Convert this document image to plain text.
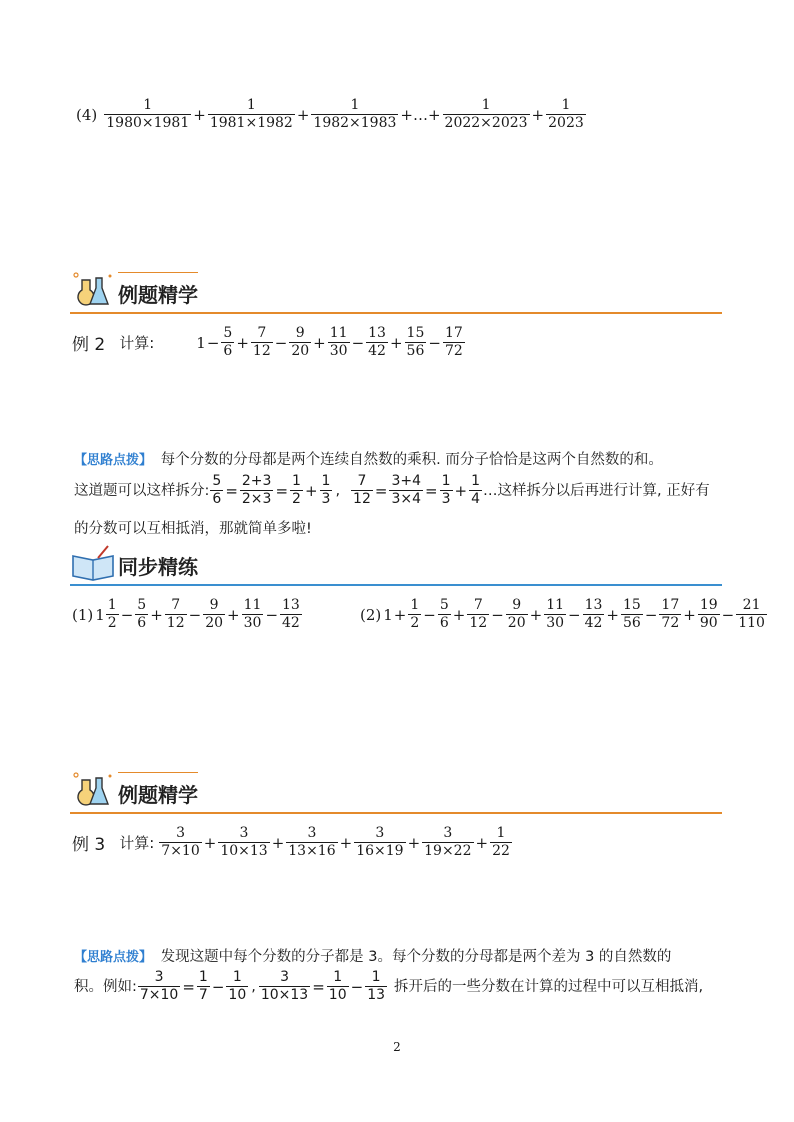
$(4) \frac{1}{1980\times 1981} + \frac{1}{1981\times 1982} + \frac{1}{1982\times 1983}$ +…+ $\frac{1}{2022\times 2023} + \frac{1}{2023}$
例题精学
例 2 计算:	$1 - \frac{5}{6} + \frac{7}{12} - \frac{9}{20} + \frac{11}{30} - \frac{13}{42} + \frac{15}{56} - \frac{17}{72}$
【思路点拨】 每个分数的分母都是两个连续自然数的乘积. 而分子恰恰是这两个自然数的和。
这道题可以这样拆分: $\frac{5}{6} = \frac{2+3}{2\times 3} = \frac{1}{2} + \frac{1}{3}$ , $\frac{7}{12} = \frac{3+4}{3\times 4} = \frac{1}{3} + \frac{1}{4}$ …这样拆分以后再进行计算, 正好有
的分数可以互相抵消，那就简单多啦!
同步精练
(1) $1 \frac{1}{2} - \frac{5}{6} + \frac{7}{12} - \frac{9}{20} + \frac{11}{30} - \frac{13}{42}$	(2) $1 + \frac{1}{2} - \frac{5}{6} + \frac{7}{12} - \frac{9}{20} + \frac{11}{30} - \frac{13}{42} + \frac{15}{56} - \frac{17}{72} + \frac{19}{90} - \frac{21}{110}$
例题精学
例 3 计算: $\frac{3}{7\times 10} + \frac{3}{10\times 13} + \frac{3}{13\times 16} + \frac{3}{16\times 19} + \frac{3}{19\times 22} + \frac{1}{22}$
【思路点拨】 发现这题中每个分数的分子都是 3。每个分数的分母都是两个差为 3 的自然数的
积。例如: $\frac{3}{7\times 10} = \frac{1}{7} - \frac{1}{10}$ , $\frac{3}{10\times 13} = \frac{1}{10} - \frac{1}{13}$ 拆开后的一些分数在计算的过程中可以互相抵消,
2
